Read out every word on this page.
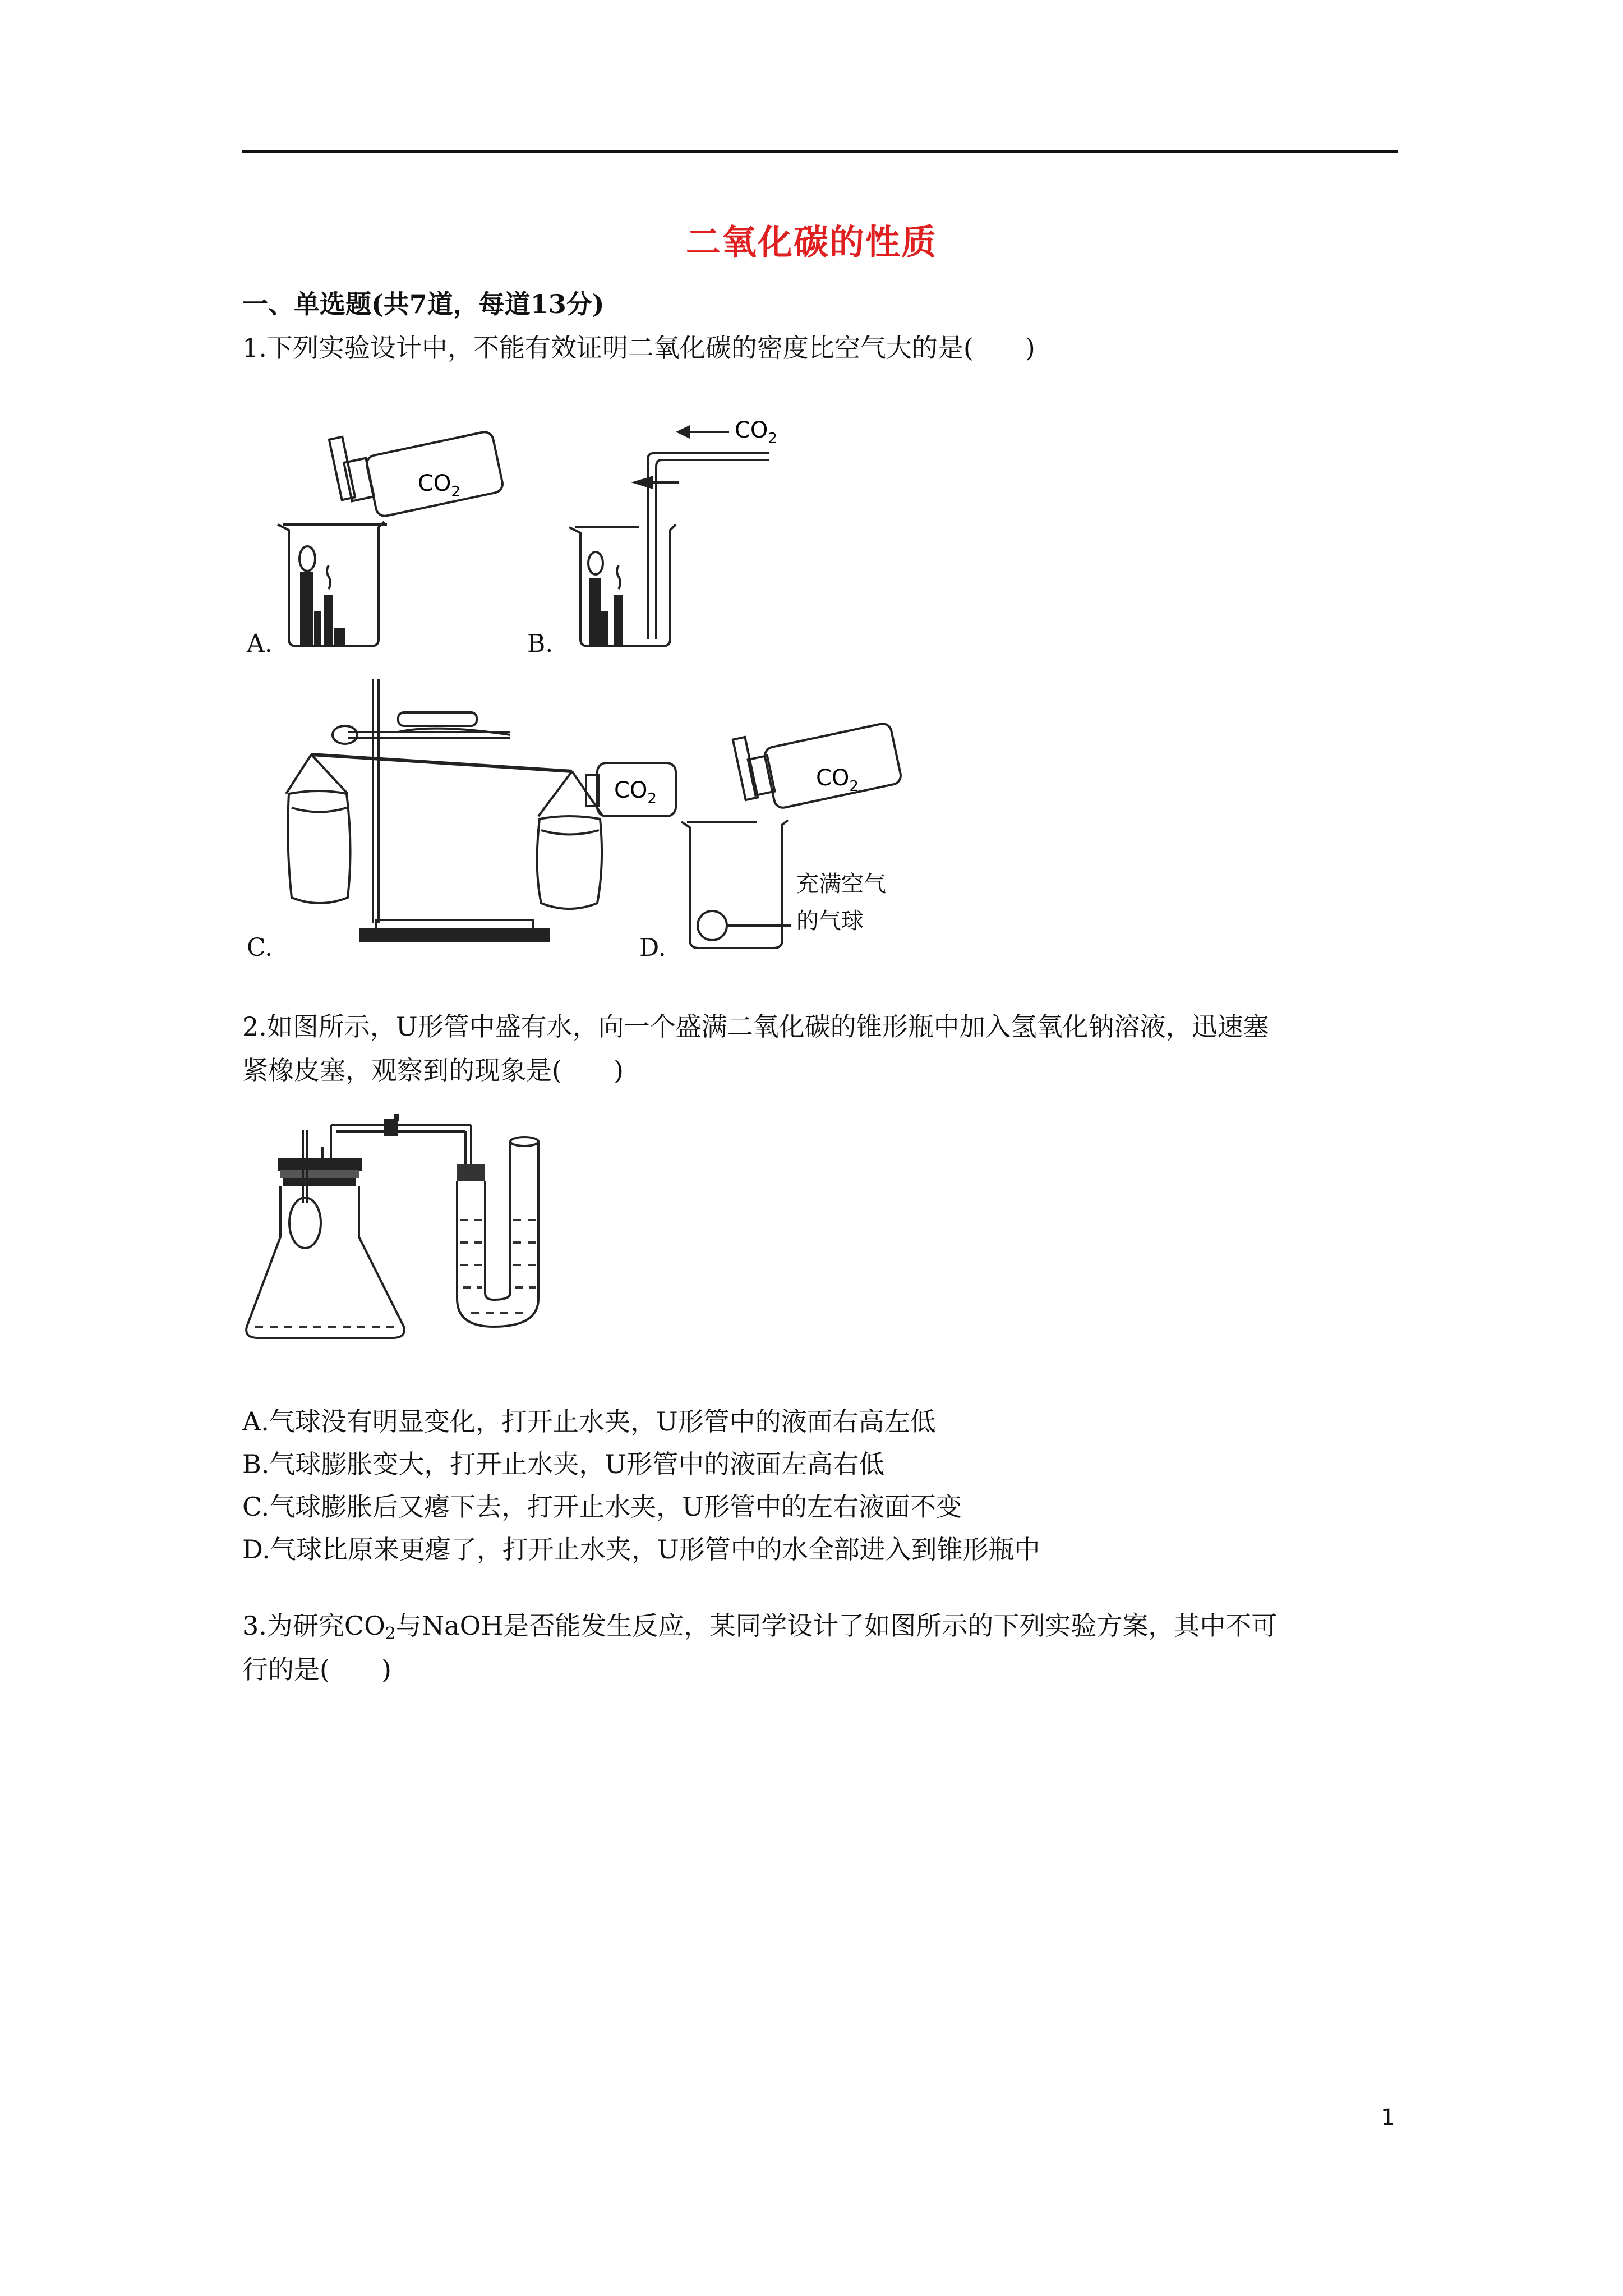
二氧化碳的性质
一、单选题(共7道，每道13分)
1.下列实验设计中，不能有效证明二氧化碳的密度比空气大的是(　　)
$CO_2$
A.
$CO_2$
B.
$CO_2$
C.
$CO_2$
充满空气
的气球
D.
2.如图所示，U形管中盛有水，向一个盛满二氧化碳的锥形瓶中加入氢氧化钠溶液，迅速塞
紧橡皮塞，观察到的现象是(　　)
A.气球没有明显变化，打开止水夹，U形管中的液面右高左低
B.气球膨胀变大，打开止水夹，U形管中的液面左高右低
C.气球膨胀后又瘪下去，打开止水夹，U形管中的左右液面不变
D.气球比原来更瘪了，打开止水夹，U形管中的水全部进入到锥形瓶中
3.为研究$CO_2$与NaOH是否能发生反应，某同学设计了如图所示的下列实验方案，其中不可
行的是(　　)
1
